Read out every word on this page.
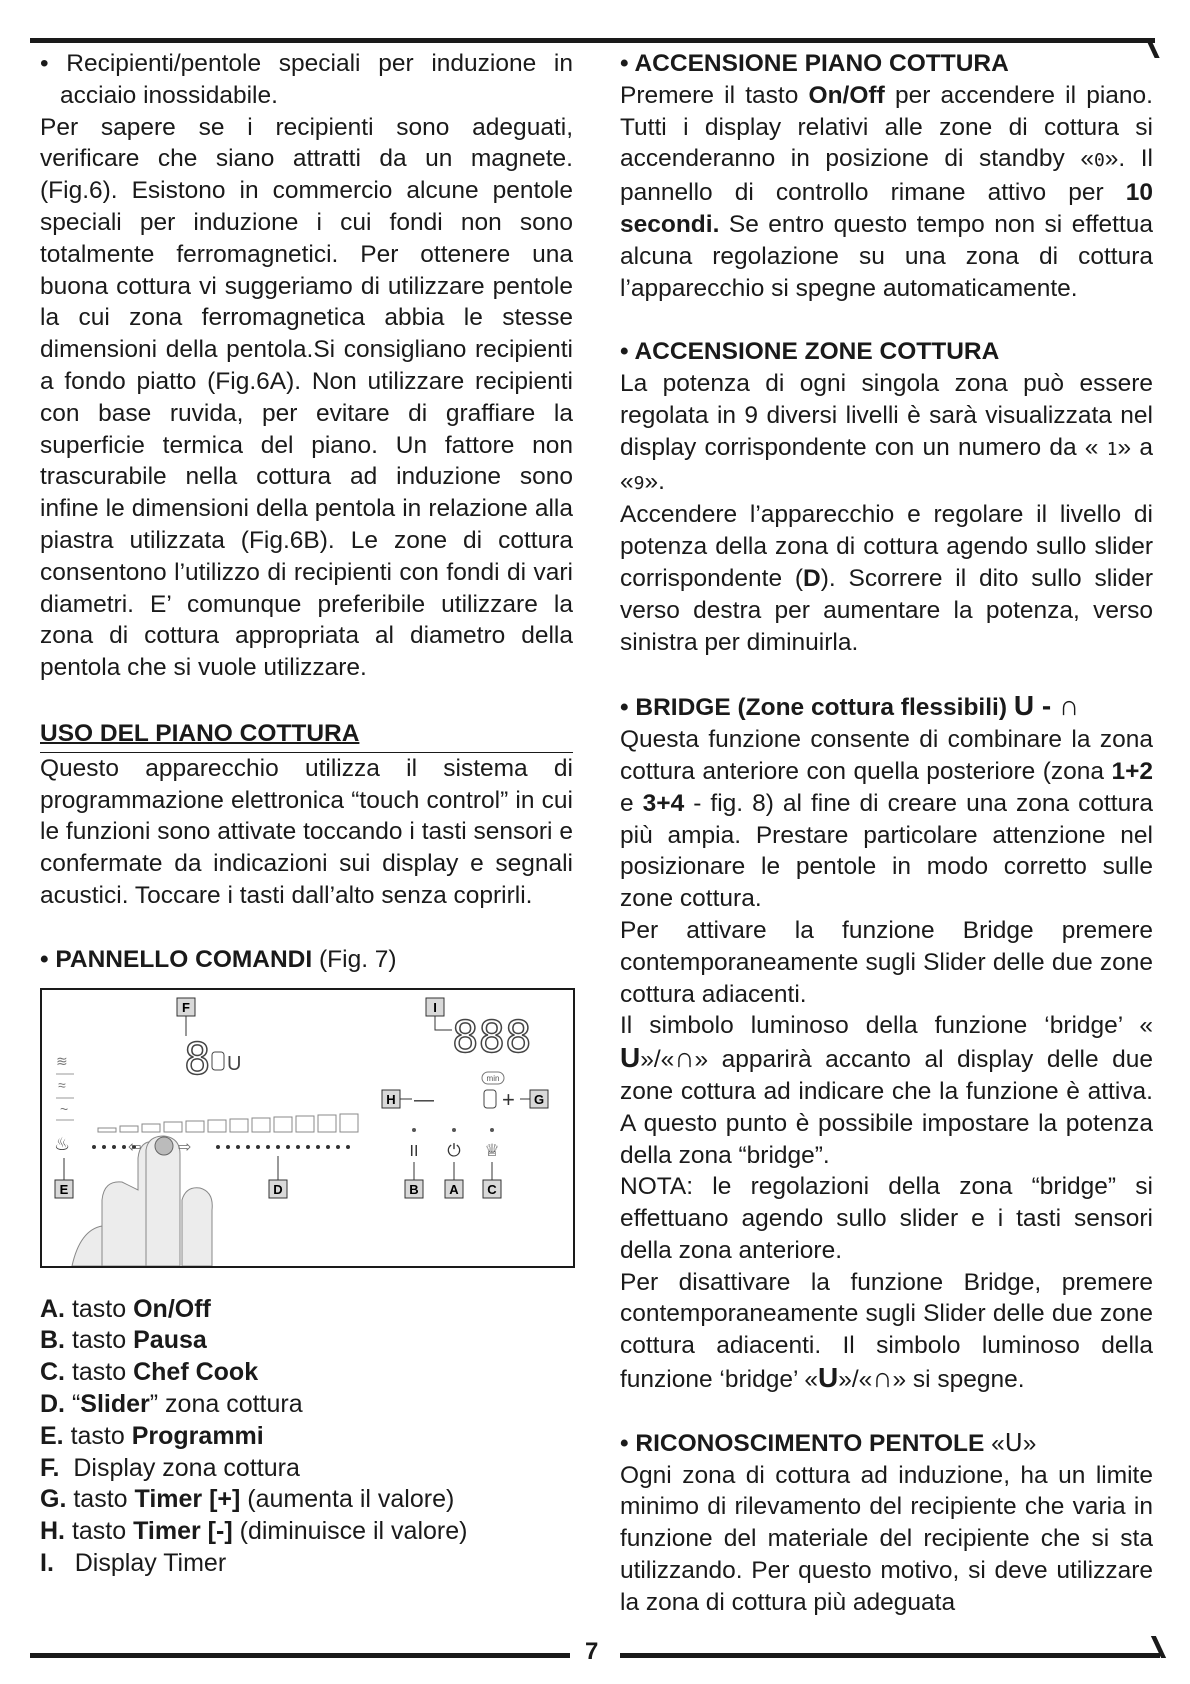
• Recipienti/pentole speciali per induzione in acciaio inossidabile.

Per sapere se i recipienti sono adeguati, verificare che siano attratti da un magnete. (Fig.6). Esistono in commercio alcune pentole speciali per induzione i cui fondi non sono totalmente ferromagnetici. Per ottenere una buona cottura vi suggeriamo di utilizzare pentole la cui zona ferromagnetica abbia le stesse dimensioni della pentola.Si consigliano recipienti a fondo piatto (Fig.6A). Non utilizzare recipienti con base ruvida, per evitare di graffiare la superficie termica del piano. Un fattore non trascurabile nella cottura ad induzione sono infine le dimensioni della pentola in relazione alla piastra utilizzata (Fig.6B). Le zone di cottura consentono l’utilizzo di recipienti con fondi di vari diametri. E’ comunque preferibile utilizzare la zona di cottura appropriata al diametro della pentola che si vuole utilizzare.

USO DEL PIANO COTTURA

Questo apparecchio utilizza il sistema di programmazione elettronica “touch control” in cui le funzioni sono attivate toccando i tasti sensori e confermate da indicazioni sui display e segnali acustici. Toccare i tasti dall’alto senza coprirli.

• PANNELLO COMANDI (Fig. 7)

F
8 U
I
888
≋
≈
~
min
H —	+ G
♨
E	D
⇦ ⇨	II ⏻ ♕
B A C
A. tasto On/Off
B. tasto Pausa
C. tasto Chef Cook
D. “Slider” zona cottura
E. tasto Programmi
F. Display zona cottura
G. tasto Timer [+] (aumenta il valore)
H. tasto Timer [-] (diminuisce il valore)
I. Display Timer

• ACCENSIONE PIANO COTTURA

Premere il tasto On/Off per accendere il piano. Tutti i display relativi alle zone di cottura si accenderanno in posizione di standby «0». Il pannello di controllo rimane attivo per 10 secondi. Se entro questo tempo non si effettua alcuna regolazione su una zona di cottura l’apparecchio si spegne automaticamente.

• ACCENSIONE ZONE COTTURA

La potenza di ogni singola zona può essere regolata in 9 diversi livelli è sarà visualizzata nel display corrispondente con un numero da « 1» a «9».

Accendere l’apparecchio e regolare il livello di potenza della zona di cottura agendo sullo slider corrispondente (D). Scorrere il dito sullo slider verso destra per aumentare la potenza, verso sinistra per diminuirla.

• BRIDGE (Zone cottura flessibili) U - ∩

Questa funzione consente di combinare la zona cottura anteriore con quella posteriore (zona 1+2 e 3+4 - fig. 8) al fine di creare una zona cottura più ampia. Prestare particolare attenzione nel posizionare le pentole in modo corretto sulle zone cottura.

Per attivare la funzione Bridge premere contemporaneamente sugli Slider delle due zone cottura adiacenti.

Il simbolo luminoso della funzione ‘bridge’ « U»/«∩» apparirà accanto al display delle due zone cottura ad indicare che la funzione è attiva. A questo punto è possibile impostare la potenza della zona “bridge”.

NOTA: le regolazioni della zona “bridge” si effettuano agendo sullo slider e i tasti sensori della zona anteriore.

Per disattivare la funzione Bridge, premere contemporaneamente sugli Slider delle due zone cottura adiacenti. Il simbolo luminoso della funzione ‘bridge’ «U»/«∩» si spegne.

• RICONOSCIMENTO PENTOLE «ꓴ»

Ogni zona di cottura ad induzione, ha un limite minimo di rilevamento del recipiente che varia in funzione del materiale del recipiente che si sta utilizzando. Per questo motivo, si deve utilizzare la zona di cottura più adeguata

7
